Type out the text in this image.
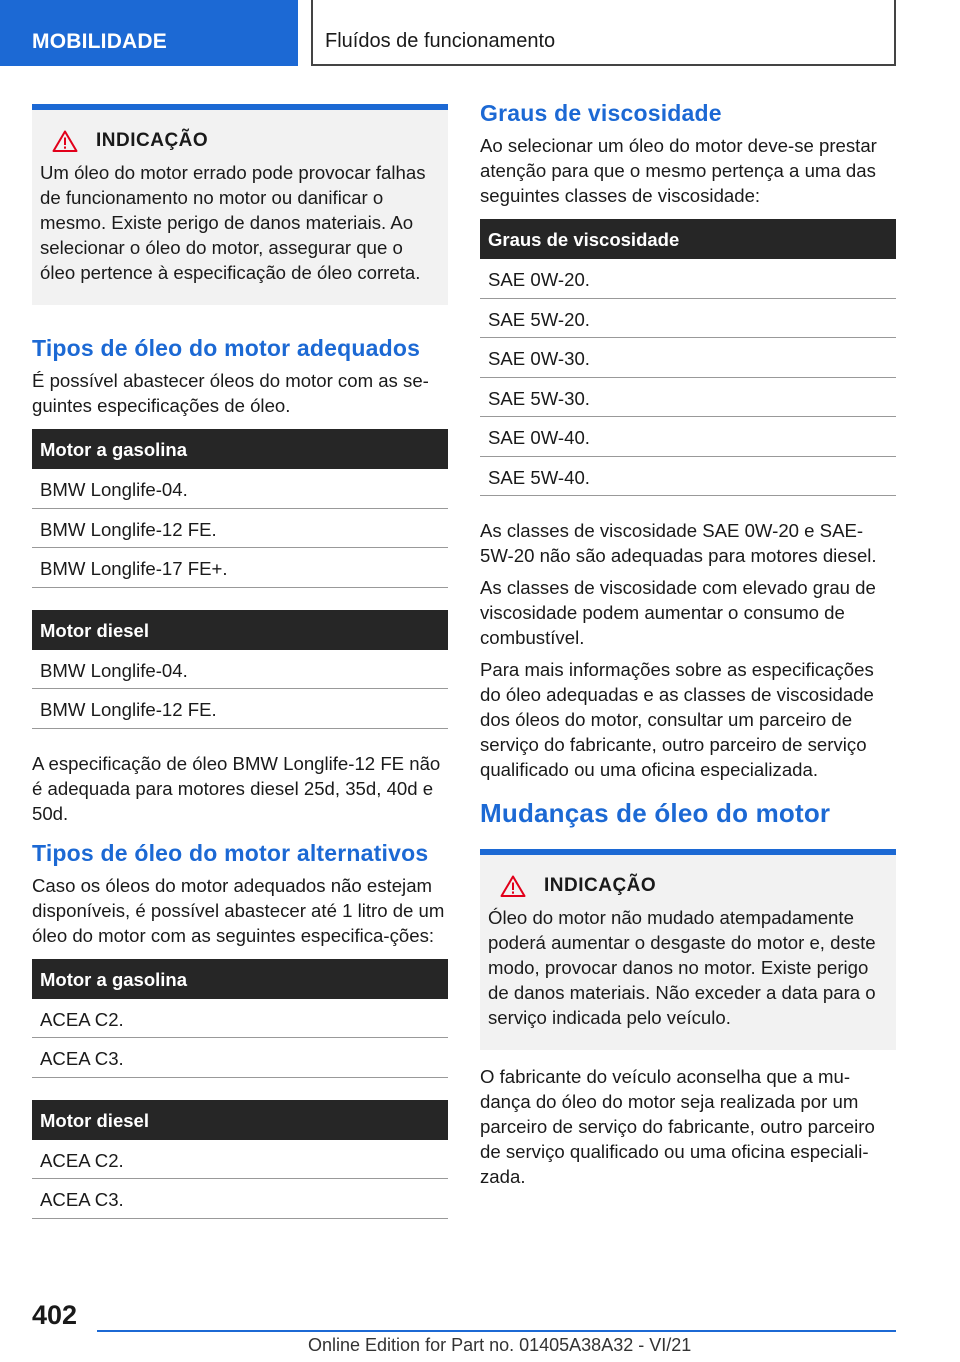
MOBILIDADE	Fluídos de funcionamento
INDICAÇÃO
Um óleo do motor errado pode provocar falhas de funcionamento no motor ou danificar o mesmo. Existe perigo de danos materiais. Ao selecionar o óleo do motor, assegurar que o óleo pertence à especificação de óleo correta.
Tipos de óleo do motor adequados

É possível abastecer óleos do motor com as se‐guintes especificações de óleo.

Motor a gasolina
BMW Longlife-04.
BMW Longlife-12 FE.
BMW Longlife-17 FE+.
Motor diesel
BMW Longlife-04.
BMW Longlife-12 FE.

A especificação de óleo BMW Longlife-12 FE não é adequada para motores diesel 25d, 35d, 40d e 50d.

Tipos de óleo do motor alternativos

Caso os óleos do motor adequados não estejam disponíveis, é possível abastecer até 1 litro de um óleo do motor com as seguintes especifica‐ções:

Motor a gasolina
ACEA C2.
ACEA C3.
Motor diesel
ACEA C2.
ACEA C3.
Graus de viscosidade

Ao selecionar um óleo do motor deve-se prestar atenção para que o mesmo pertença a uma das seguintes classes de viscosidade:

Graus de viscosidade
SAE 0W-20.
SAE 5W-20.
SAE 0W-30.
SAE 5W-30.
SAE 0W-40.
SAE 5W-40.

As classes de viscosidade SAE 0W-20 e SAE-5W-20 não são adequadas para motores diesel.

As classes de viscosidade com elevado grau de viscosidade podem aumentar o consumo de combustível.

Para mais informações sobre as especificações do óleo adequadas e as classes de viscosidade dos óleos do motor, consultar um parceiro de serviço do fabricante, outro parceiro de serviço qualificado ou uma oficina especializada.

Mudanças de óleo do motor
INDICAÇÃO
Óleo do motor não mudado atempadamente poderá aumentar o desgaste do motor e, deste modo, provocar danos no motor. Existe perigo de danos materiais. Não exceder a data para o serviço indicada pelo veículo.

O fabricante do veículo aconselha que a mu‐dança do óleo do motor seja realizada por um parceiro de serviço do fabricante, outro parceiro de serviço qualificado ou uma oficina especiali‐zada.

402
Online Edition for Part no. 01405A38A32 - VI/21
